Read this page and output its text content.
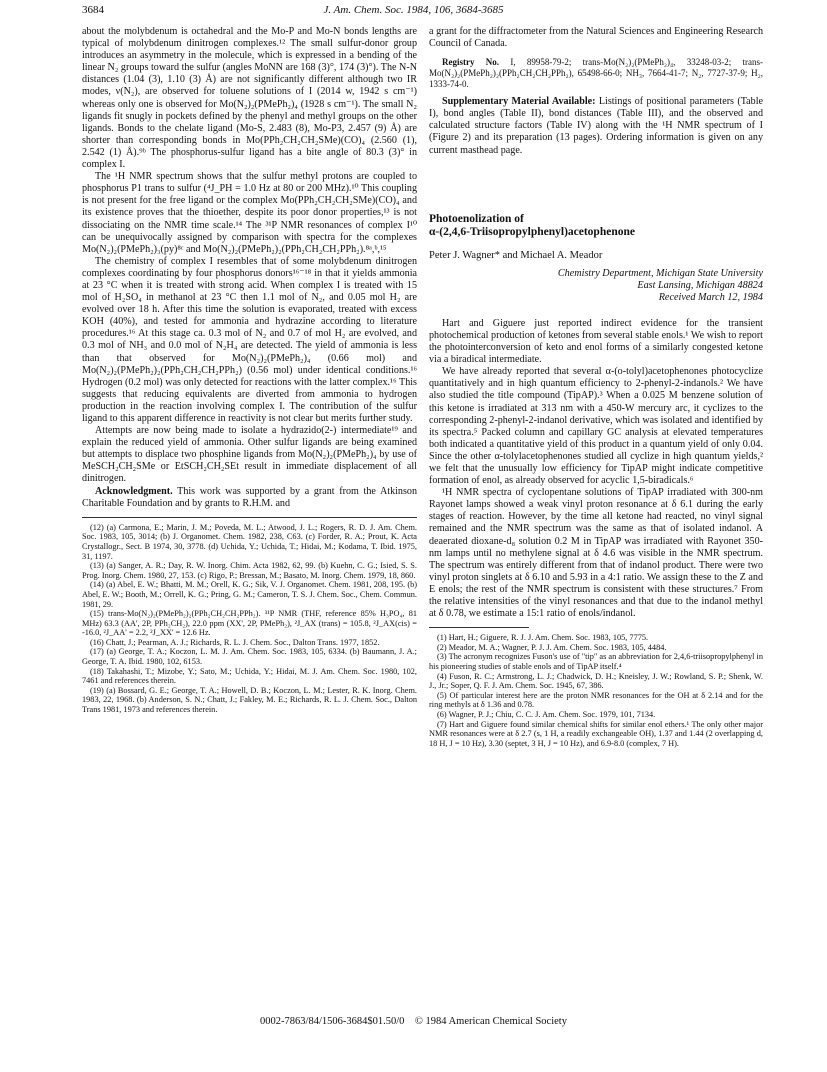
3684	J. Am. Chem. Soc. 1984, 106, 3684-3685

about the molybdenum is octahedral and the Mo-P and Mo-N bonds lengths are typical of molybdenum dinitrogen complexes.¹² The small sulfur-donor group introduces an asymmetry in the molecule, which is expressed in a bending of the linear N₂ groups toward the sulfur (angles MoNN are 168 (3)°, 174 (3)°). The N-N distances (1.04 (3), 1.10 (3) Å) are not significantly different although two IR modes, ν(N₂), are observed for toluene solutions of I (2014 w, 1942 s cm⁻¹) whereas only one is observed for Mo(N₂)₂(PMePh₂)₄ (1928 s cm⁻¹). The small N₂ ligands fit snugly in pockets defined by the phenyl and methyl groups on the other ligands. Bonds to the chelate ligand (Mo-S, 2.483 (8), Mo-P3, 2.457 (9) Å) are shorter than corresponding bonds in Mo(PPh₂CH₂CH₂SMe)(CO)₄ (2.560 (1), 2.542 (1) Å).⁹ᵇ The phosphorus-sulfur ligand has a bite angle of 80.3 (3)° in complex I.

The ¹H NMR spectrum shows that the sulfur methyl protons are coupled to phosphorus P1 trans to sulfur (⁴J_PH = 1.0 Hz at 80 or 200 MHz).¹⁰ This coupling is not present for the free ligand or the complex Mo(PPh₂CH₂CH₂SMe)(CO)₄ and its existence proves that the thioether, despite its poor donor properties,¹³ is not dissociating on the NMR time scale.¹⁴ The ³¹P NMR resonances of complex I¹⁰ can be unequivocally assigned by comparison with spectra for the complexes Mo(N₂)₂(PMePh₂)₃(py)⁸ᶜ and Mo(N₂)₂(PMePh₂)₂(PPh₂CH₂CH₂PPh₂).⁸ᵃ,ᵇ,¹⁵

The chemistry of complex I resembles that of some molybdenum dinitrogen complexes coordinating by four phosphorus donors¹⁶⁻¹⁸ in that it yields ammonia at 23 °C when it is treated with strong acid. When complex I is treated with 15 mol of H₂SO₄ in methanol at 23 °C then 1.1 mol of N₂, and 0.05 mol H₂ are evolved over 18 h. After this time the solution is evaporated, treated with excess KOH (40%), and tested for ammonia and hydrazine according to literature procedures.¹⁶ At this stage ca. 0.3 mol of N₂ and 0.7 of mol H₂ are evolved, and 0.3 mol of NH₃ and 0.0 mol of N₂H₄ are detected. The yield of ammonia is less than that observed for Mo(N₂)₂(PMePh₂)₄ (0.66 mol) and Mo(N₂)₂(PMePh₂)₂(PPh₂CH₂CH₂PPh₂) (0.56 mol) under identical conditions.¹⁶ Hydrogen (0.2 mol) was only detected for reactions with the latter complex.¹⁶ This suggests that reducing equivalents are diverted from ammonia to hydrogen production in the reaction involving complex I. The contribution of the sulfur ligand to this apparent difference in reactivity is not clear but merits further study.

Attempts are now being made to isolate a hydrazido(2-) intermediate¹⁹ and explain the reduced yield of ammonia. Other sulfur ligands are being examined but attempts to displace two phosphine ligands from Mo(N₂)₂(PMePh₂)₄ by use of MeSCH₂CH₂SMe or EtSCH₂CH₂SEt result in immediate displacement of all dinitrogen.

Acknowledgment. This work was supported by a grant from the Atkinson Charitable Foundation and by grants to R.H.M. and

(12) (a) Carmona, E.; Marin, J. M.; Poveda, M. L.; Atwood, J. L.; Rogers, R. D. J. Am. Chem. Soc. 1983, 105, 3014; (b) J. Organomet. Chem. 1982, 238, C63. (c) Forder, R. A.; Prout, K. Acta Crystallogr., Sect. B 1974, 30, 3778. (d) Uchida, Y.; Uchida, T.; Hidai, M.; Kodama, T. Ibid. 1975, 31, 1197.

(13) (a) Sanger, A. R.; Day, R. W. Inorg. Chim. Acta 1982, 62, 99. (b) Kuehn, C. G.; Isied, S. S. Prog. Inorg. Chem. 1980, 27, 153. (c) Rigo, P.; Bressan, M.; Basato, M. Inorg. Chem. 1979, 18, 860.

(14) (a) Abel, E. W.; Bhatti, M. M.; Orell, K. G.; Sik, V. J. Organomet. Chem. 1981, 208, 195. (b) Abel, E. W.; Booth, M.; Orrell, K. G.; Pring, G. M.; Cameron, T. S. J. Chem. Soc., Chem. Commun. 1981, 29.

(15) trans-Mo(N₂)₂(PMePh₂)₂(PPh₂CH₂CH₂PPh₂). ³¹P NMR (THF, reference 85% H₃PO₄, 81 MHz) 63.3 (AA', 2P, PPh₂CH₂), 22.0 ppm (XX', 2P, PMePh₂), ²J_AX (trans) = 105.8, ²J_AX(cis) = -16.0, ²J_AA' = 2.2, ²J_XX' = 12.6 Hz.

(16) Chatt, J.; Pearman, A. J.; Richards, R. L. J. Chem. Soc., Dalton Trans. 1977, 1852.

(17) (a) George, T. A.; Koczon, L. M. J. Am. Chem. Soc. 1983, 105, 6334. (b) Baumann, J. A.; George, T. A. Ibid. 1980, 102, 6153.

(18) Takahashi, T.; Mizobe, Y.; Sato, M.; Uchida, Y.; Hidai, M. J. Am. Chem. Soc. 1980, 102, 7461 and references therein.

(19) (a) Bossard, G. E.; George, T. A.; Howell, D. B.; Koczon, L. M.; Lester, R. K. Inorg. Chem. 1983, 22, 1968. (b) Anderson, S. N.; Chatt, J.; Fakley, M. E.; Richards, R. L. J. Chem. Soc., Dalton Trans 1981, 1973 and references therein.

a grant for the diffractometer from the Natural Sciences and Engineering Research Council of Canada.

Registry No. I, 89958-79-2; trans-Mo(N₂)₂(PMePh₂)₄, 33248-03-2; trans-Mo(N₂)₂(PMePh₂)₂(PPh₂CH₂CH₂PPh₂), 65498-66-0; NH₃, 7664-41-7; N₂, 7727-37-9; H₂, 1333-74-0.

Supplementary Material Available: Listings of positional parameters (Table I), bond angles (Table II), bond distances (Table III), and the observed and calculated structure factors (Table IV) along with the ¹H NMR spectrum of I (Figure 2) and its preparation (13 pages). Ordering information is given on any current masthead page.

Photoenolization of
α-(2,4,6-Triisopropylphenyl)acetophenone
Peter J. Wagner* and Michael A. Meador
Chemistry Department, Michigan State University
East Lansing, Michigan 48824
Received March 12, 1984

Hart and Giguere just reported indirect evidence for the transient photochemical production of ketones from several stable enols.¹ We wish to report the photointerconversion of keto and enol forms of a similarly congested ketone via a biradical intermediate.

We have already reported that several α-(o-tolyl)acetophenones photocyclize quantitatively and in high quantum efficiency to 2-phenyl-2-indanols.² We have also studied the title compound (TipAP).³ When a 0.025 M benzene solution of this ketone is irradiated at 313 nm with a 450-W mercury arc, it cyclizes to the corresponding 2-phenyl-2-indanol derivative, which was isolated and identified by its spectra.⁵ Packed column and capillary GC analysis at elevated temperatures both indicated a quantitative yield of this product in a quantum yield of only 0.04. Since the other α-tolylacetophenones studied all cyclize in high quantum yields,² we felt that the unusually low efficiency for TipAP might indicate competitive formation of enol, as already observed for acyclic 1,5-biradicals.⁶

¹H NMR spectra of cyclopentane solutions of TipAP irradiated with 300-nm Rayonet lamps showed a weak vinyl proton resonance at δ 6.1 during the early stages of reaction. However, by the time all ketone had reacted, no vinyl signal remained and the NMR spectrum was the same as that of isolated indanol. A deaerated dioxane-d₈ solution 0.2 M in TipAP was irradiated with Rayonet 350-nm lamps until no methylene signal at δ 4.6 was visible in the NMR spectrum. The spectrum was entirely different from that of indanol product. There were two vinyl proton singlets at δ 6.10 and 5.93 in a 4:1 ratio. We assign these to the Z and E enols; the rest of the NMR spectrum is consistent with these structures.⁷ From the relative intensities of the vinyl resonances and that due to the indanol methyl at δ 0.78, we estimate a 15:1 ratio of enols/indanol.

(1) Hart, H.; Giguere, R. J. J. Am. Chem. Soc. 1983, 105, 7775.

(2) Meador, M. A.; Wagner, P. J. J. Am. Chem. Soc. 1983, 105, 4484.

(3) The acronym recognizes Fuson's use of "tip" as an abbreviation for 2,4,6-triisopropylphenyl in his pioneering studies of stable enols and of TipAP itself.⁴

(4) Fuson, R. C.; Armstrong, L. J.; Chadwick, D. H.; Kneisley, J. W.; Rowland, S. P.; Shenk, W. J., Jr.; Soper, Q. F. J. Am. Chem. Soc. 1945, 67, 386.

(5) Of particular interest here are the proton NMR resonances for the OH at δ 2.14 and for the ring methyls at δ 1.36 and 0.78.

(6) Wagner, P. J.; Chiu, C. C. J. Am. Chem. Soc. 1979, 101, 7134.

(7) Hart and Giguere found similar chemical shifts for similar enol ethers.¹ The only other major NMR resonances were at δ 2.7 (s, 1 H, a readily exchangeable OH), 1.37 and 1.44 (2 overlapping d, 18 H, J = 10 Hz), 3.30 (septet, 3 H, J = 10 Hz), and 6.9-8.0 (complex, 7 H).

0002-7863/84/1506-3684$01.50/0 © 1984 American Chemical Society
